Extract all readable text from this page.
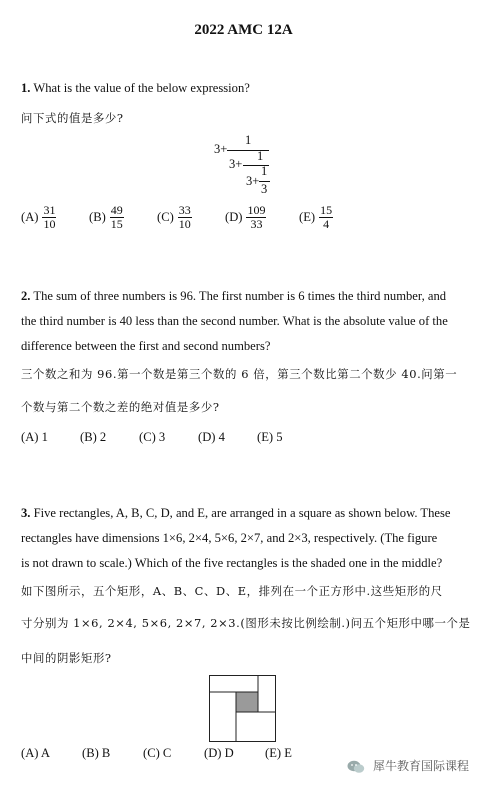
2022 AMC 12A
1. What is the value of the below expression?
问下式的值是多少?
3+
1
3+
1
3+
1
3
$(A) \frac{31}{10}$	$(B) \frac{49}{15}$	$(C) \frac{33}{10}$	$(D) \frac{109}{33}$	$(E) \frac{15}{4}$
2. The sum of three numbers is 96. The first number is 6 times the third number, and
the third number is 40 less than the second number. What is the absolute value of the
difference between the first and second numbers?
三个数之和为 96.第一个数是第三个数的 6 倍，第三个数比第二个数少 40.问第一
个数与第二个数之差的绝对值是多少?
(A) 1	(B) 2	(C) 3	(D) 4	(E) 5
3. Five rectangles, A, B, C, D, and E, are arranged in a square as shown below. These
rectangles have dimensions 1×6, 2×4, 5×6, 2×7, and 2×3, respectively. (The figure
is not drawn to scale.) Which of the five rectangles is the shaded one in the middle?
如下图所示，五个矩形，A、B、C、D、E，排列在一个正方形中.这些矩形的尺
寸分别为 1×6, 2×4, 5×6, 2×7, 2×3.(图形未按比例绘制.)问五个矩形中哪一个是
中间的阴影矩形?
(A) A	(B) B	(C) C	(D) D (E) E
犀牛教育国际课程
